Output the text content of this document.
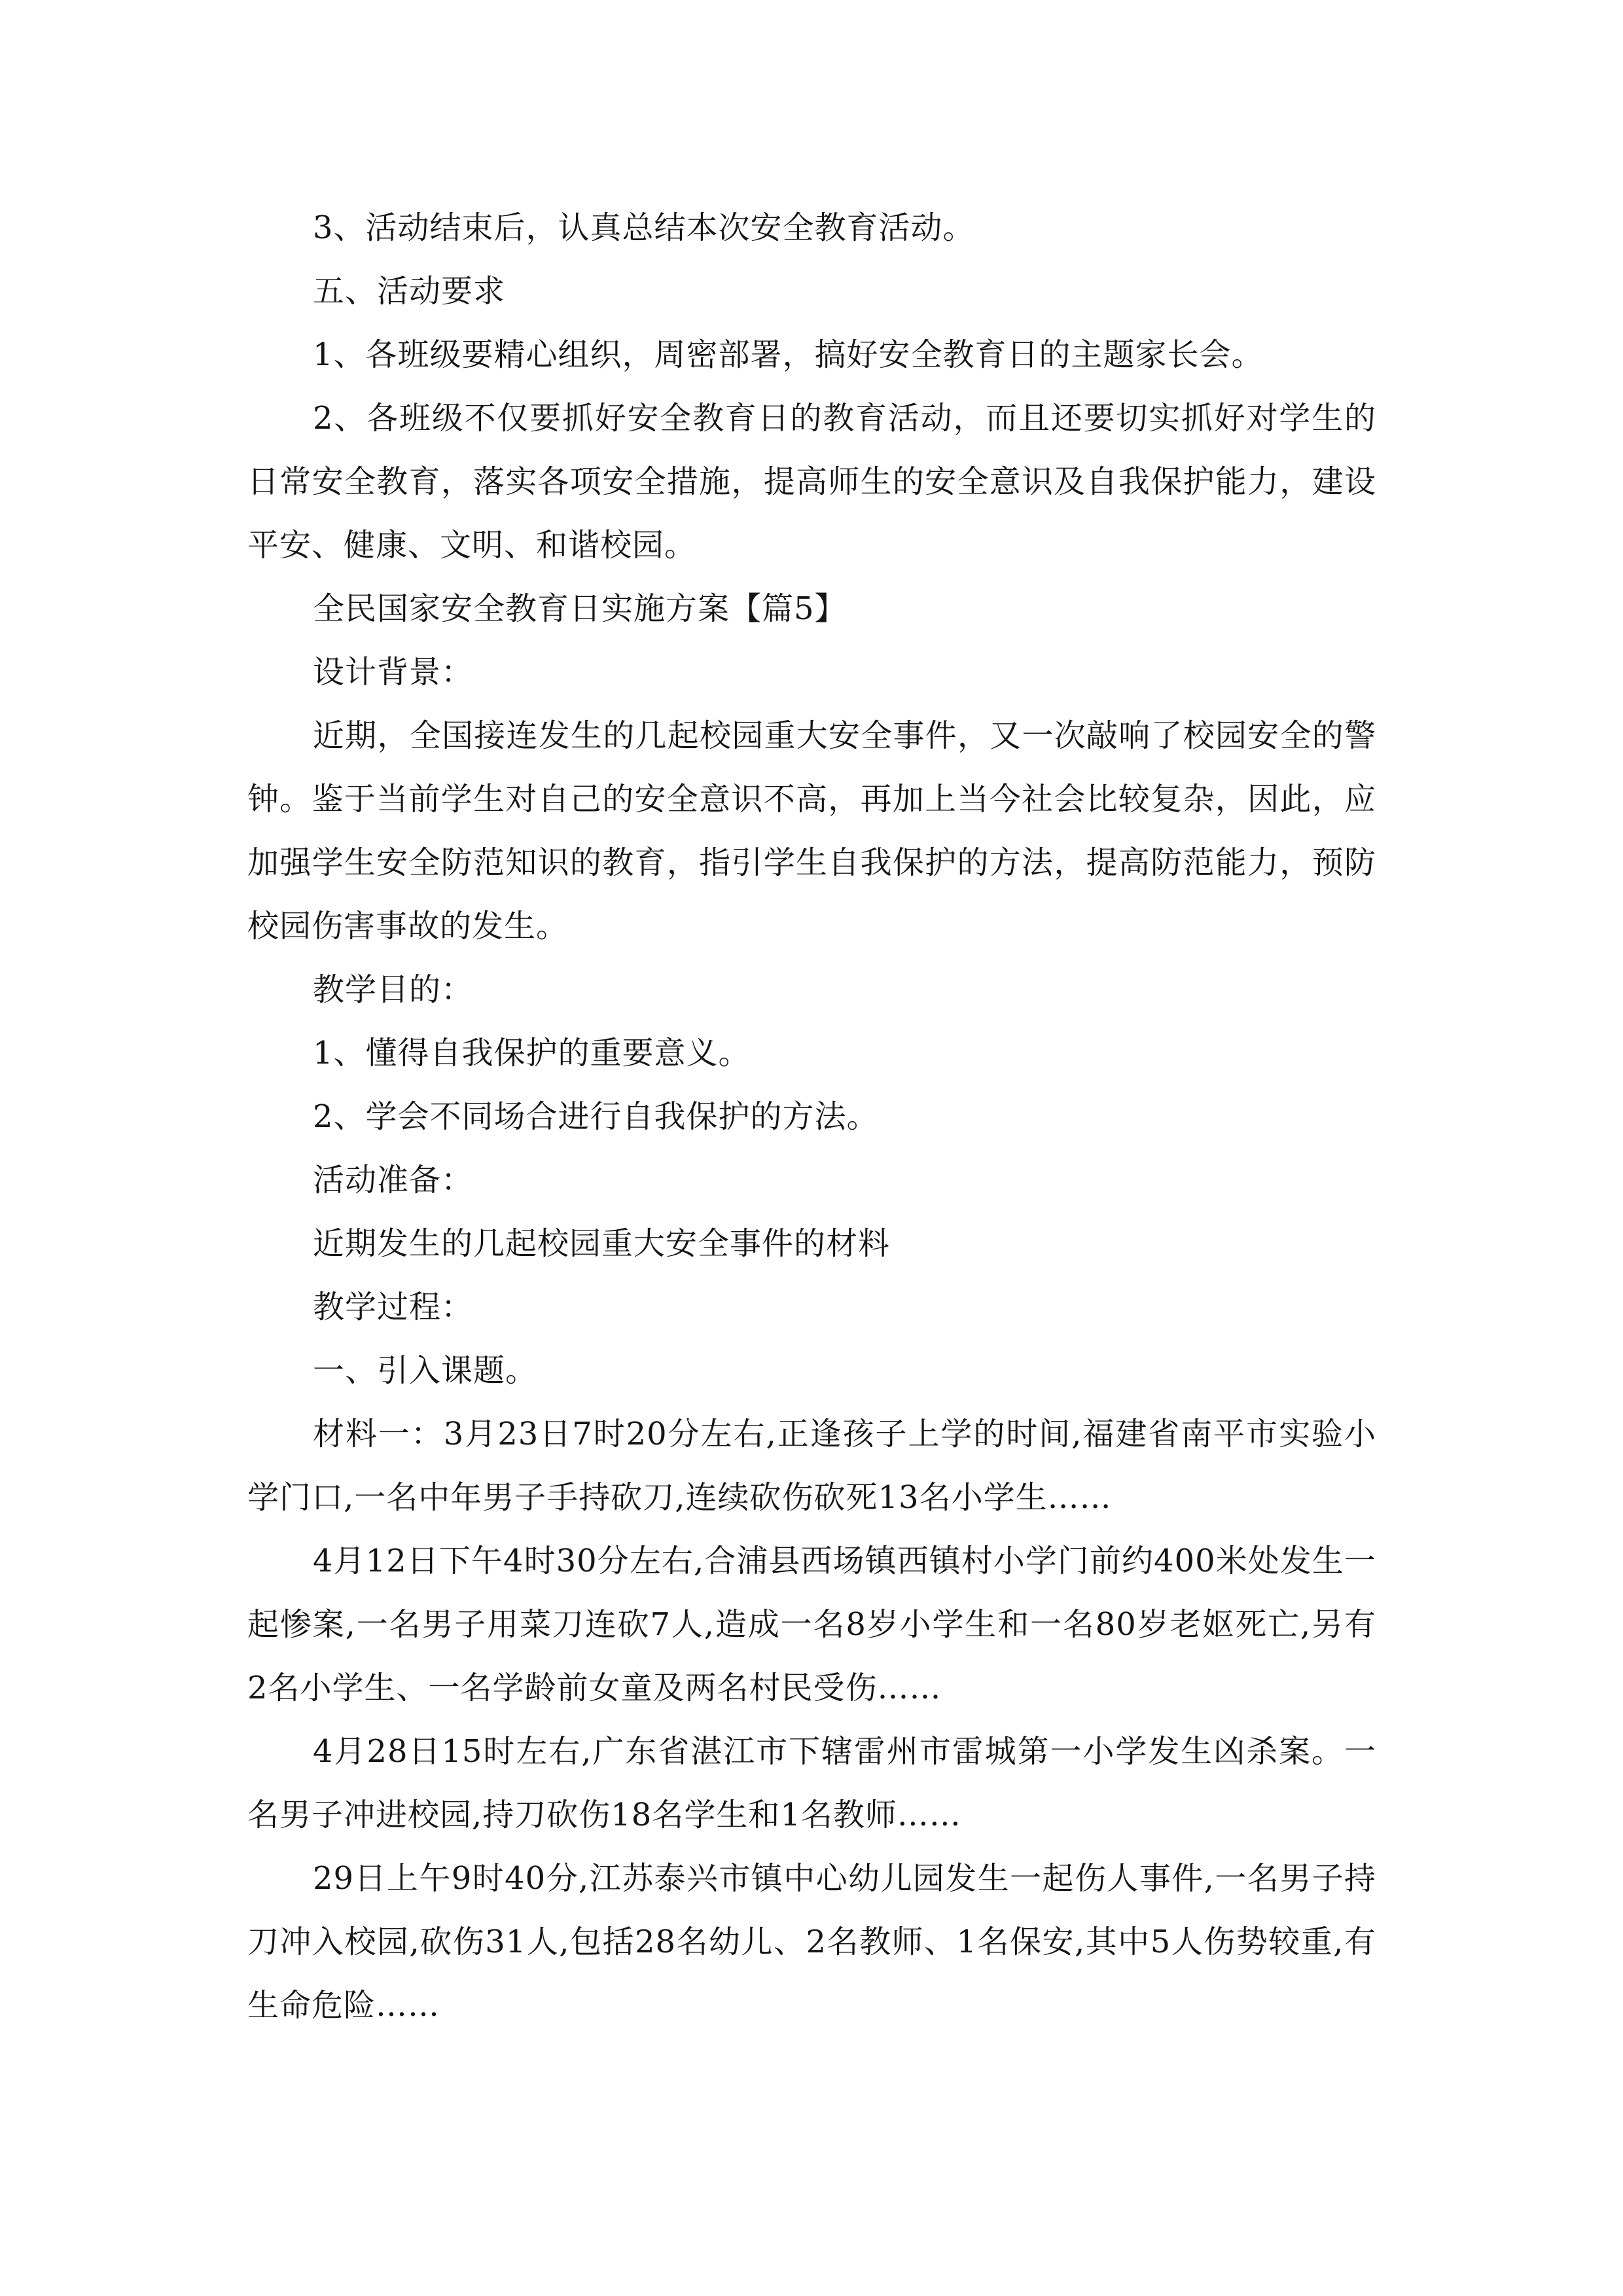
3、活动结束后，认真总结本次安全教育活动。

五、活动要求

1、各班级要精心组织，周密部署，搞好安全教育日的主题家长会。

2、各班级不仅要抓好安全教育日的教育活动，而且还要切实抓好对学生的日常安全教育，落实各项安全措施，提高师生的安全意识及自我保护能力，建设平安、健康、文明、和谐校园。

全民国家安全教育日实施方案【篇5】

设计背景：

近期，全国接连发生的几起校园重大安全事件，又一次敲响了校园安全的警钟。鉴于当前学生对自己的安全意识不高，再加上当今社会比较复杂，因此，应加强学生安全防范知识的教育，指引学生自我保护的方法，提高防范能力，预防校园伤害事故的发生。

教学目的：

1、懂得自我保护的重要意义。

2、学会不同场合进行自我保护的方法。

活动准备：

近期发生的几起校园重大安全事件的材料

教学过程：

一、引入课题。

材料一：3月23日7时20分左右,正逢孩子上学的时间,福建省南平市实验小学门口,一名中年男子手持砍刀,连续砍伤砍死13名小学生……

4月12日下午4时30分左右,合浦县西场镇西镇村小学门前约400米处发生一起惨案,一名男子用菜刀连砍7人,造成一名8岁小学生和一名80岁老妪死亡,另有2名小学生、一名学龄前女童及两名村民受伤……

4月28日15时左右,广东省湛江市下辖雷州市雷城第一小学发生凶杀案。一名男子冲进校园,持刀砍伤18名学生和1名教师……

29日上午9时40分,江苏泰兴市镇中心幼儿园发生一起伤人事件,一名男子持刀冲入校园,砍伤31人,包括28名幼儿、2名教师、1名保安,其中5人伤势较重,有生命危险……
